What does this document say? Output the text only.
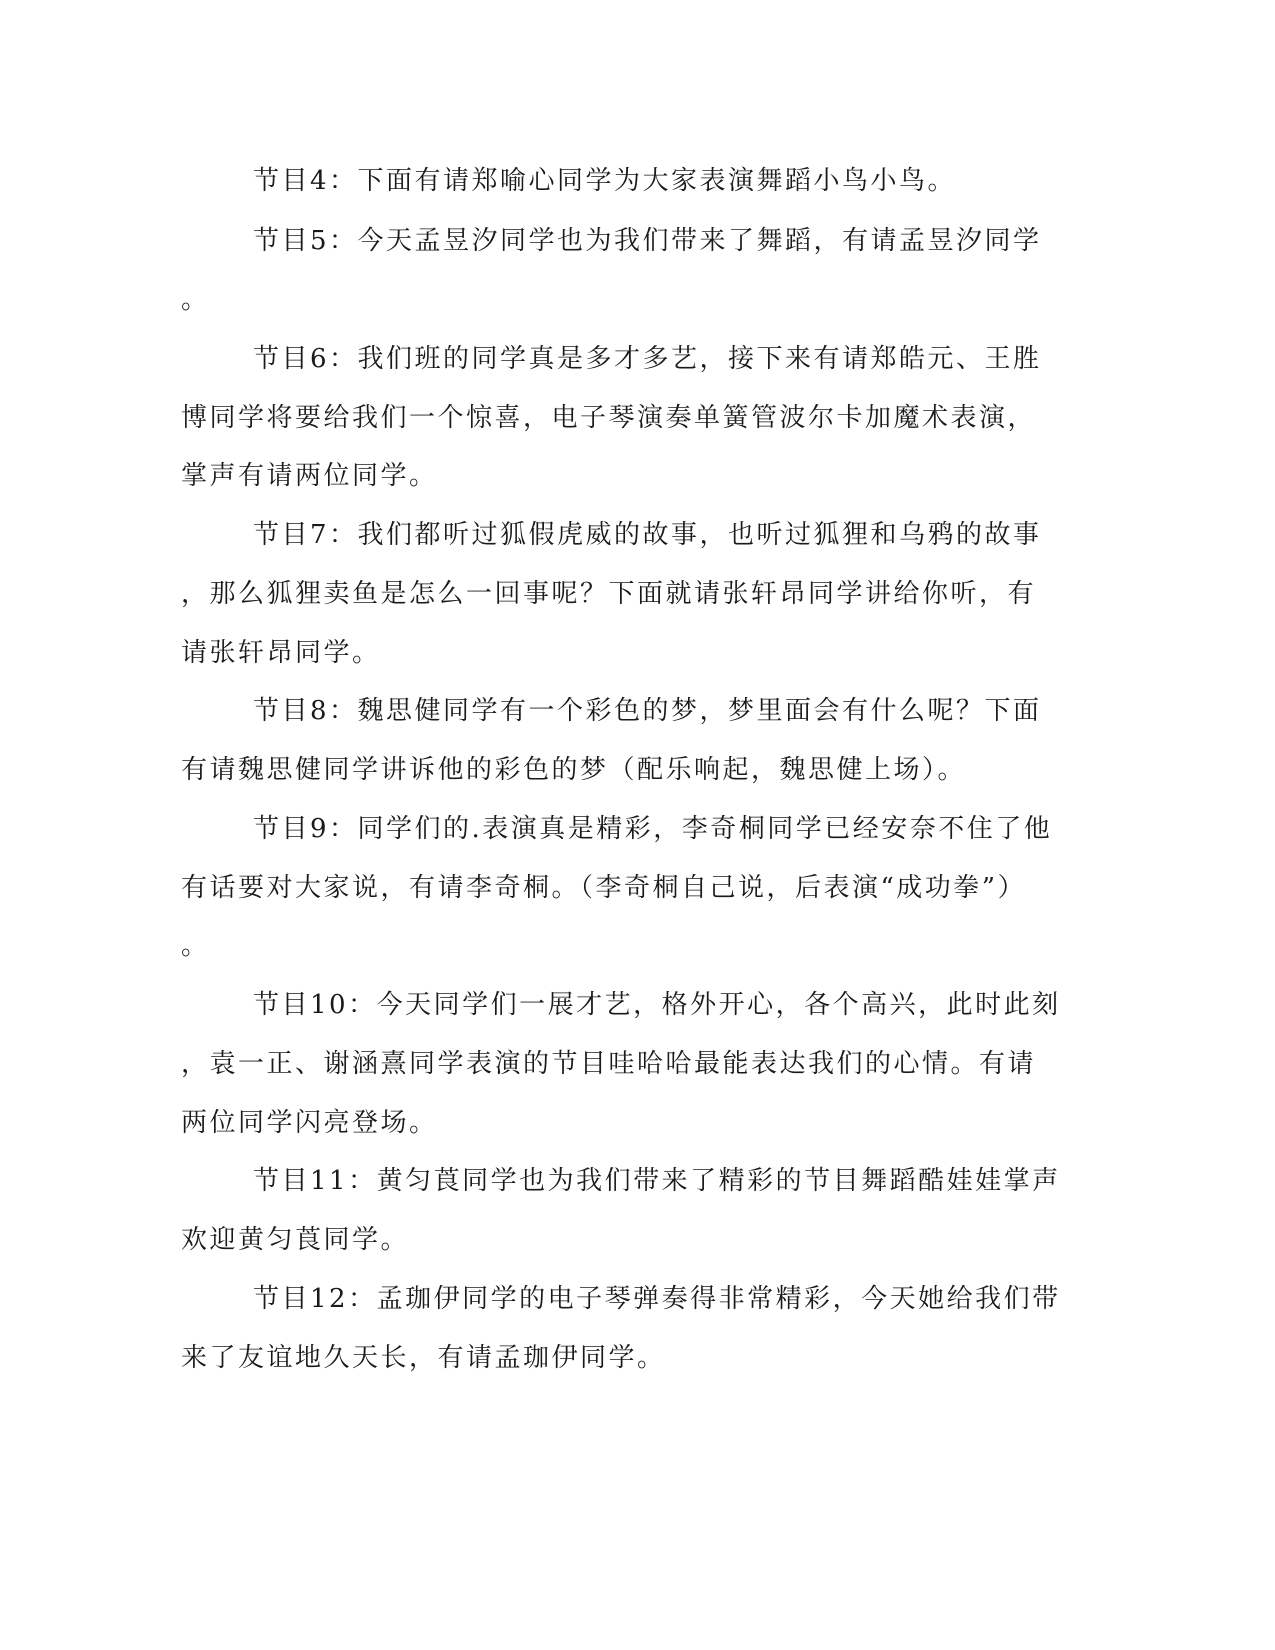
节目4：下面有请郑喻心同学为大家表演舞蹈小鸟小鸟。
节目5：今天孟昱汐同学也为我们带来了舞蹈，有请孟昱汐同学
。
节目6：我们班的同学真是多才多艺，接下来有请郑皓元、王胜
博同学将要给我们一个惊喜，电子琴演奏单簧管波尔卡加魔术表演，
掌声有请两位同学。
节目7：我们都听过狐假虎威的故事，也听过狐狸和乌鸦的故事
，那么狐狸卖鱼是怎么一回事呢？下面就请张轩昂同学讲给你听，有
请张轩昂同学。
节目8：魏思健同学有一个彩色的梦，梦里面会有什么呢？下面
有请魏思健同学讲诉他的彩色的梦（配乐响起，魏思健上场）。
节目9：同学们的.表演真是精彩，李奇桐同学已经安奈不住了他
有话要对大家说，有请李奇桐。（李奇桐自己说，后表演“成功拳”）
。
节目10：今天同学们一展才艺，格外开心，各个高兴，此时此刻
，袁一正、谢涵熹同学表演的节目哇哈哈最能表达我们的心情。有请
两位同学闪亮登场。
节目11：黄匀莨同学也为我们带来了精彩的节目舞蹈酷娃娃掌声
欢迎黄匀莨同学。
节目12：孟珈伊同学的电子琴弹奏得非常精彩，今天她给我们带
来了友谊地久天长，有请孟珈伊同学。
